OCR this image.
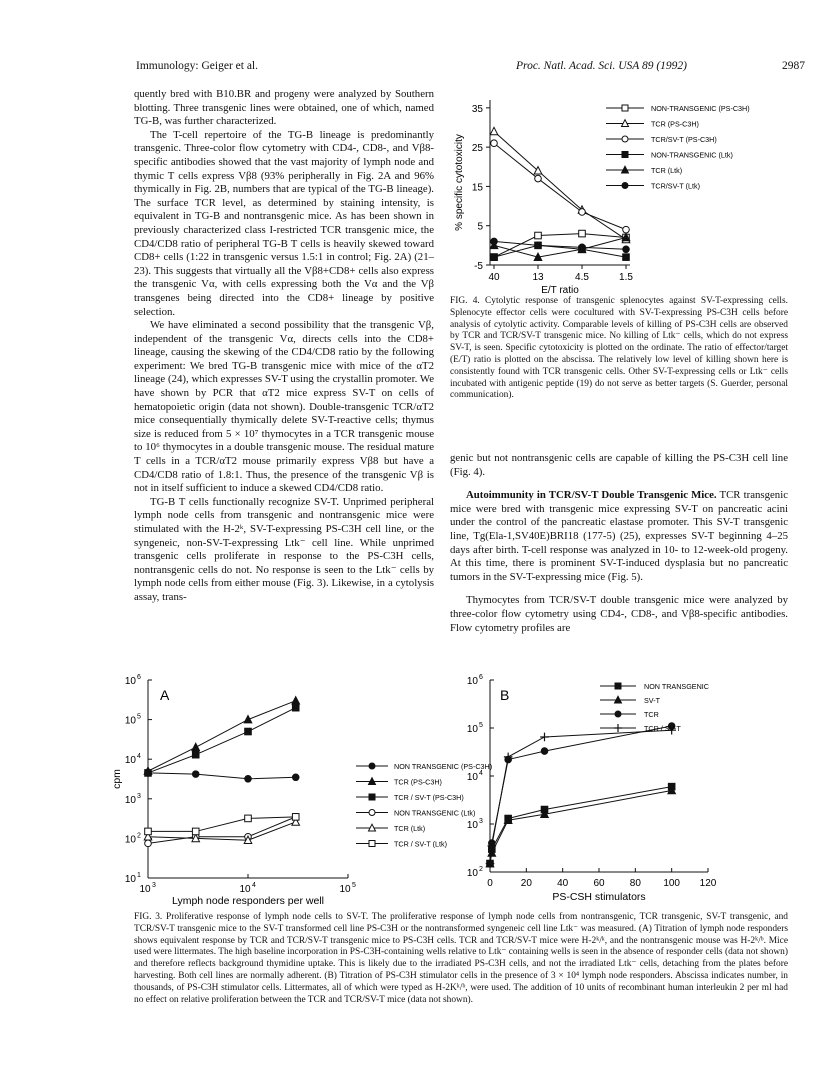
Immunology: Geiger et al.	Proc. Natl. Acad. Sci. USA 89 (1992)	2987

quently bred with B10.BR and progeny were analyzed by Southern blotting. Three transgenic lines were obtained, one of which, named TG-B, was further characterized.

The T-cell repertoire of the TG-B lineage is predominantly transgenic. Three-color flow cytometry with CD4-, CD8-, and Vβ8-specific antibodies showed that the vast majority of lymph node and thymic T cells express Vβ8 (93% peripherally in Fig. 2A and 96% thymically in Fig. 2B, numbers that are typical of the TG-B lineage). The surface TCR level, as determined by staining intensity, is equivalent in TG-B and nontransgenic mice. As has been shown in previously characterized class I-restricted TCR transgenic mice, the CD4/CD8 ratio of peripheral TG-B T cells is heavily skewed toward CD8+ cells (1:22 in transgenic versus 1.5:1 in control; Fig. 2A) (21–23). This suggests that virtually all the Vβ8+CD8+ cells also express the transgenic Vα, with cells expressing both the Vα and the Vβ transgenes being directed into the CD8+ lineage by positive selection.

We have eliminated a second possibility that the transgenic Vβ, independent of the transgenic Vα, directs cells into the CD8+ lineage, causing the skewing of the CD4/CD8 ratio by the following experiment: We bred TG-B transgenic mice with mice of the αT2 lineage (24), which expresses SV-T using the crystallin promoter. We have shown by PCR that αT2 mice express SV-T on cells of hematopoietic origin (data not shown). Double-transgenic TCR/αT2 mice consequentially thymically delete SV-T-reactive cells; thymus size is reduced from 5 × 10⁷ thymocytes in a TCR transgenic mouse to 10⁶ thymocytes in a double transgenic mouse. The residual mature T cells in a TCR/αT2 mouse primarily express Vβ8 but have a CD4/CD8 ratio of 1.8:1. Thus, the presence of the transgenic Vβ is not in itself sufficient to induce a skewed CD4/CD8 ratio.

TG-B T cells functionally recognize SV-T. Unprimed peripheral lymph node cells from transgenic and nontransgenic mice were stimulated with the H-2ᵏ, SV-T-expressing PS-C3H cell line, or the syngeneic, non-SV-T-expressing Ltk⁻ cell line. While unprimed transgenic cells proliferate in response to the PS-C3H cells, nontransgenic cells do not. No response is seen to the Ltk⁻ cells by lymph node cells from either mouse (Fig. 3). Likewise, in a cytolysis assay, trans-

-5
5
15
25
35
40	13	4.5	1.5
E/T ratio
% specific cytotoxicity
NON-TRANSGENIC (PS-C3H)
TCR (PS-C3H)
TCR/SV-T (PS-C3H)
NON-TRANSGENIC (Ltk)
TCR (Ltk)
TCR/SV-T (Ltk)
FIG. 4. Cytolytic response of transgenic splenocytes against SV-T-expressing cells. Splenocyte effector cells were cocultured with SV-T-expressing PS-C3H cells before analysis of cytolytic activity. Comparable levels of killing of PS-C3H cells are observed by TCR and TCR/SV-T transgenic mice. No killing of Ltk⁻ cells, which do not express SV-T, is seen. Specific cytotoxicity is plotted on the ordinate. The ratio of effector/target (E/T) ratio is plotted on the abscissa. The relatively low level of killing shown here is consistently found with TCR transgenic cells. Other SV-T-expressing cells or Ltk⁻ cells incubated with antigenic peptide (19) do not serve as better targets (S. Guerder, personal communication).

genic but not nontransgenic cells are capable of killing the PS-C3H cell line (Fig. 4).

Autoimmunity in TCR/SV-T Double Transgenic Mice. TCR transgenic mice were bred with transgenic mice expressing SV-T on pancreatic acini under the control of the pancreatic elastase promoter. This SV-T transgenic line, Tg(Ela-1,SV40E)BRI18 (177-5) (25), expresses SV-T beginning 4–25 days after birth. T-cell response was analyzed in 10- to 12-week-old progeny. At this time, there is prominent SV-T-induced dysplasia but no pancreatic tumors in the SV-T-expressing mice (Fig. 5).

Thymocytes from TCR/SV-T double transgenic mice were analyzed by three-color flow cytometry using CD4-, CD8-, and Vβ8-specific antibodies. Flow cytometry profiles are

10 1
10 2
10 3
10 4
10 5
10 6
10 3	10 4	10 5
Lymph node responders per well
cpm
A
NON TRANSGENIC (PS-C3H)
TCR (PS-C3H)
TCR / SV-T (PS-C3H)
NON TRANSGENIC (Ltk)
TCR (Ltk)
TCR / SV-T (Ltk)
10 2
10 3
10 4
10 5
10 6
0	20	40	60	80 100 120
PS-CSH stimulators
B
NON TRANSGENIC
SV-T
TCR
TCR / SV-T
FIG. 3. Proliferative response of lymph node cells to SV-T. The proliferative response of lymph node cells from nontransgenic, TCR transgenic, SV-T transgenic, and TCR/SV-T transgenic mice to the SV-T transformed cell line PS-C3H or the nontransformed syngeneic cell line Ltk⁻ was measured. (A) Titration of lymph node responders shows equivalent response by TCR and TCR/SV-T transgenic mice to PS-C3H cells. TCR and TCR/SV-T mice were H-2ᵏ/ᵏ, and the nontransgenic mouse was H-2ᵏ/ᵇ. Mice used were littermates. The high baseline incorporation in PS-C3H-containing wells relative to Ltk⁻ containing wells is seen in the absence of responder cells (data not shown) and therefore reflects background thymidine uptake. This is likely due to the irradiated PS-C3H cells, and not the irradiated Ltk⁻ cells, detaching from the plates before harvesting. Both cell lines are normally adherent. (B) Titration of PS-C3H stimulator cells in the presence of 3 × 10⁴ lymph node responders. Abscissa indicates number, in thousands, of PS-C3H stimulator cells. Littermates, all of which were typed as H-2Kᵏ/ᵇ, were used. The addition of 10 units of recombinant human interleukin 2 per ml had no effect on relative proliferation between the TCR and TCR/SV-T mice (data not shown).
